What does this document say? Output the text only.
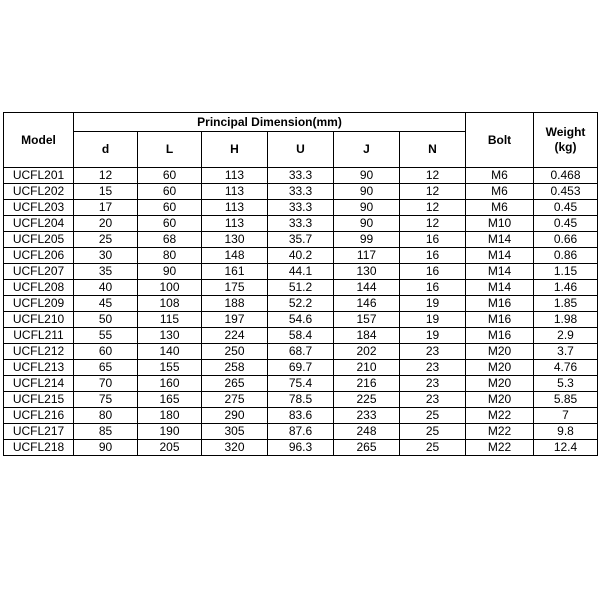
Model	Principal Dimension(mm)						Bolt	Weight
(kg)

	d	L	H	U	J	N		
UCFL201	12	60	113	33.3	90	12	M6	0.468
UCFL202	15	60	113	33.3	90	12	M6	0.453
UCFL203	17	60	113	33.3	90	12	M6	0.45
UCFL204	20	60	113	33.3	90	12	M10	0.45
UCFL205	25	68	130	35.7	99	16	M14	0.66
UCFL206	30	80	148	40.2	117	16	M14	0.86
UCFL207	35	90	161	44.1	130	16	M14	1.15
UCFL208	40	100	175	51.2	144	16	M14	1.46
UCFL209	45	108	188	52.2	146	19	M16	1.85
UCFL210	50	115	197	54.6	157	19	M16	1.98
UCFL211	55	130	224	58.4	184	19	M16	2.9
UCFL212	60	140	250	68.7	202	23	M20	3.7
UCFL213	65	155	258	69.7	210	23	M20	4.76
UCFL214	70	160	265	75.4	216	23	M20	5.3
UCFL215	75	165	275	78.5	225	23	M20	5.85
UCFL216	80	180	290	83.6	233	25	M22	7
UCFL217	85	190	305	87.6	248	25	M22	9.8
UCFL218	90	205	320	96.3	265	25	M22	12.4
